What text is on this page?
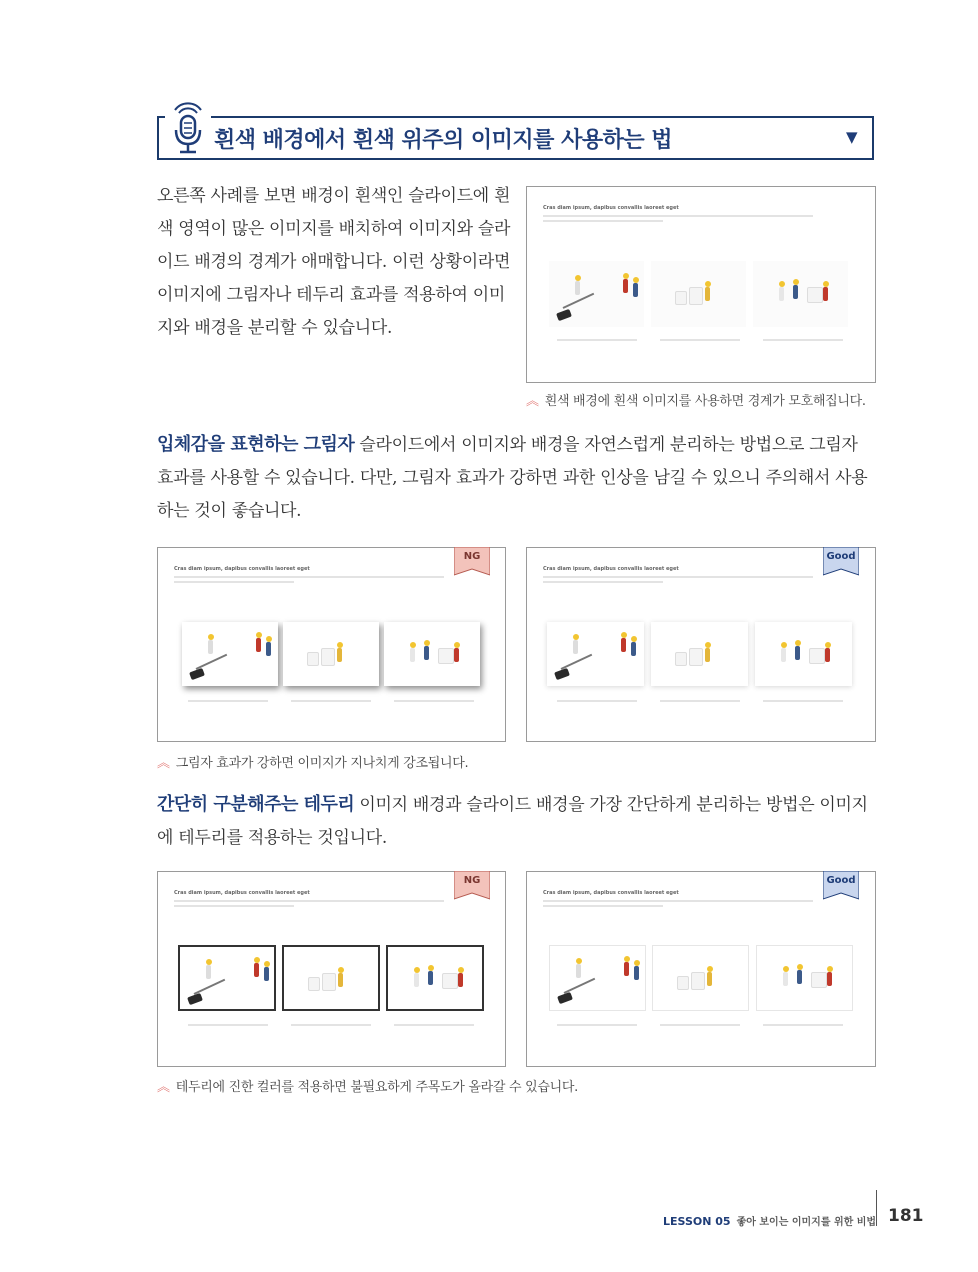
흰색 배경에서 흰색 위주의 이미지를 사용하는 법	▼
오른쪽 사례를 보면 배경이 흰색인 슬라이드에 흰색 영역이 많은 이미지를 배치하여 이미지와 슬라이드 배경의 경계가 애매합니다. 이런 상황이라면 이미지에 그림자나 테두리 효과를 적용하여 이미지와 배경을 분리할 수 있습니다.
Cras diam ipsum, dapibus convallis laoreet eget
︽ 흰색 배경에 흰색 이미지를 사용하면 경계가 모호해집니다.
입체감을 표현하는 그림자 슬라이드에서 이미지와 배경을 자연스럽게 분리하는 방법으로 그림자 효과를 사용할 수 있습니다. 다만, 그림자 효과가 강하면 과한 인상을 남길 수 있으니 주의해서 사용하는 것이 좋습니다.
Cras diam ipsum, dapibus convallis laoreet eget
NG
Cras diam ipsum, dapibus convallis laoreet eget
Good
︽ 그림자 효과가 강하면 이미지가 지나치게 강조됩니다.
간단히 구분해주는 테두리 이미지 배경과 슬라이드 배경을 가장 간단하게 분리하는 방법은 이미지에 테두리를 적용하는 것입니다.
Cras diam ipsum, dapibus convallis laoreet eget
NG
Cras diam ipsum, dapibus convallis laoreet eget
Good
︽ 테두리에 진한 컬러를 적용하면 불필요하게 주목도가 올라갈 수 있습니다.
LESSON 05 좋아 보이는 이미지를 위한 비법 181
